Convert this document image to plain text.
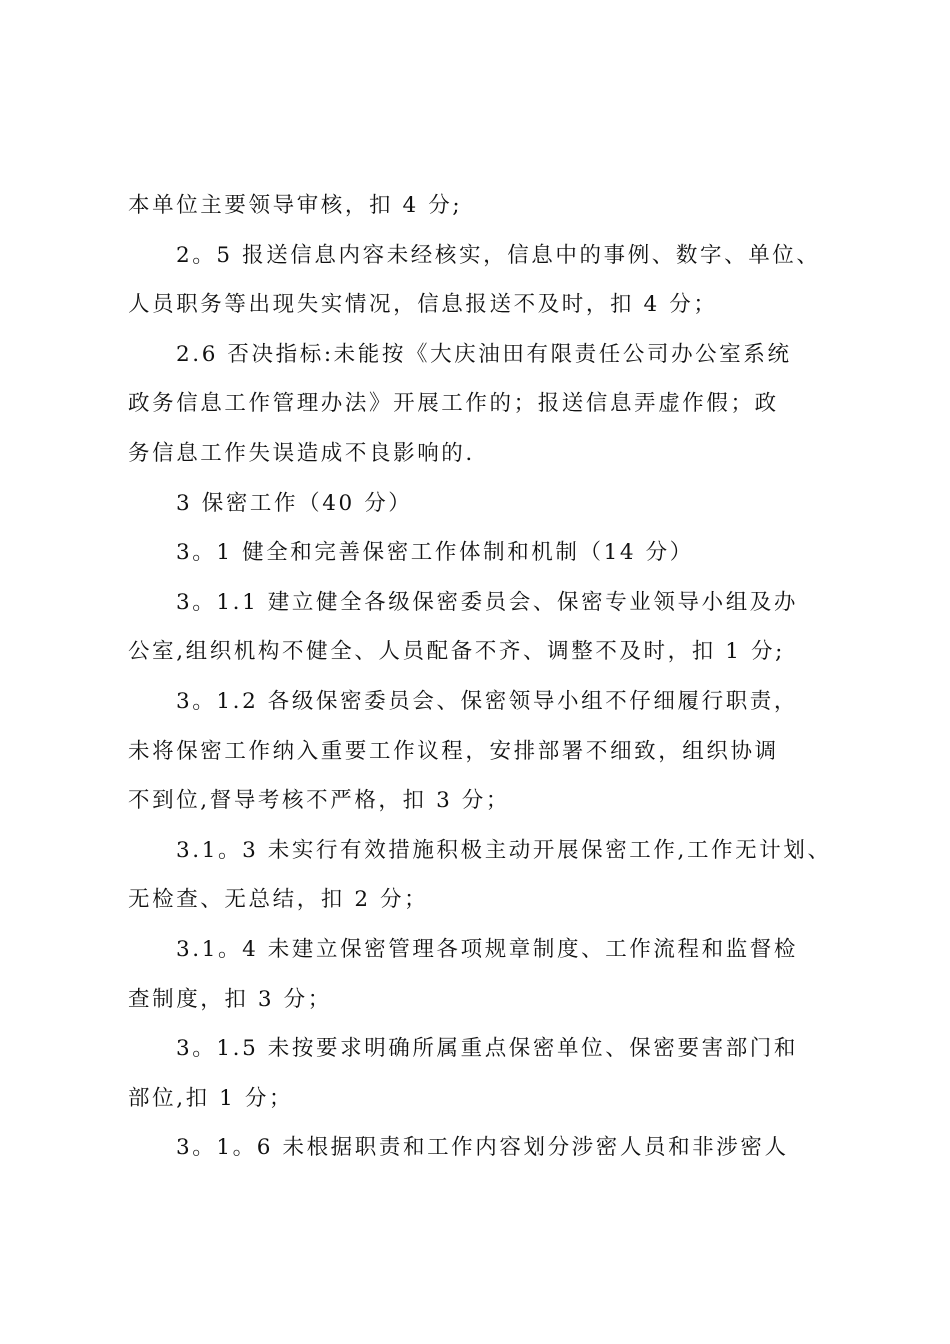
本单位主要领导审核，扣 4 分;
2。5 报送信息内容未经核实，信息中的事例、数字、单位、
人员职务等出现失实情况，信息报送不及时，扣 4 分；
2.6 否决指标:未能按《大庆油田有限责任公司办公室系统
政务信息工作管理办法》开展工作的；报送信息弄虚作假；政
务信息工作失误造成不良影响的.
3 保密工作（40 分）
3。1 健全和完善保密工作体制和机制（14 分）
3。1.1 建立健全各级保密委员会、保密专业领导小组及办
公室,组织机构不健全、人员配备不齐、调整不及时，扣 1 分;
3。1.2 各级保密委员会、保密领导小组不仔细履行职责，
未将保密工作纳入重要工作议程，安排部署不细致，组织协调
不到位,督导考核不严格，扣 3 分；
3.1。3 未实行有效措施积极主动开展保密工作,工作无计划、
无检查、无总结，扣 2 分；
3.1。4 未建立保密管理各项规章制度、工作流程和监督检
查制度，扣 3 分；
3。1.5 未按要求明确所属重点保密单位、保密要害部门和
部位,扣 1 分；
3。1。6 未根据职责和工作内容划分涉密人员和非涉密人
